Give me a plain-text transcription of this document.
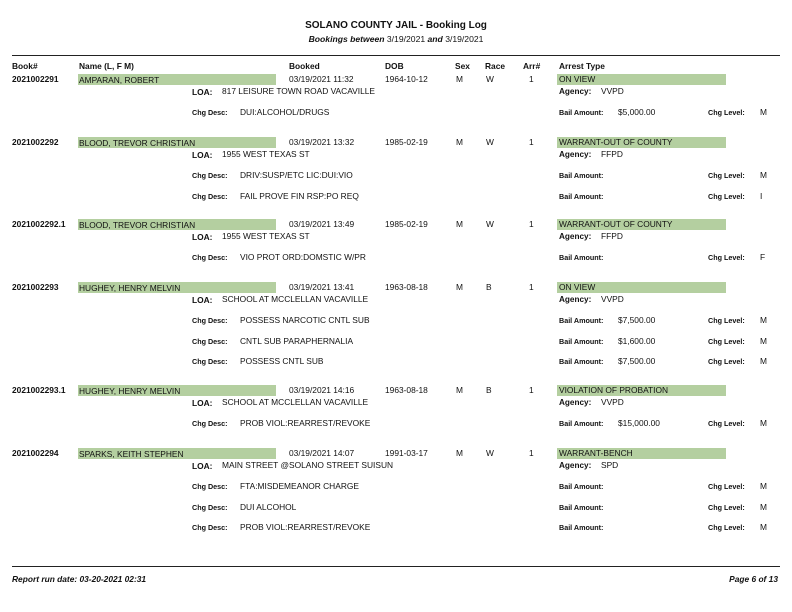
SOLANO COUNTY JAIL - Booking Log
Bookings between 3/19/2021 and 3/19/2021
Book#	Name (L, F M)	Booked	DOB	Sex Race Arr# Arrest Type
2021002291 AMPARAN, ROBERT	03/19/2021 11:32	1964-10-12	M	W	1	ON VIEW
LOA: 817 LEISURE TOWN ROAD VACAVILLE	Agency: VVPD
Chg Desc: DUI:ALCOHOL/DRUGS	Bail Amount: $5,000.00	Chg Level: M
2021002292 BLOOD, TREVOR CHRISTIAN	03/19/2021 13:32	1985-02-19	M	W	1	WARRANT-OUT OF COUNTY
LOA: 1955 WEST TEXAS ST	Agency: FFPD
Chg Desc: DRIV:SUSP/ETC LIC:DUI:VIO	Bail Amount:	Chg Level: M
Chg Desc: FAIL PROVE FIN RSP:PO REQ	Bail Amount:	Chg Level: I
2021002292.1 BLOOD, TREVOR CHRISTIAN	03/19/2021 13:49	1985-02-19	M	W	1	WARRANT-OUT OF COUNTY
LOA: 1955 WEST TEXAS ST	Agency: FFPD
Chg Desc: VIO PROT ORD:DOMSTIC W/PR	Bail Amount:	Chg Level: F
2021002293 HUGHEY, HENRY MELVIN	03/19/2021 13:41	1963-08-18	M	B	1	ON VIEW
LOA: SCHOOL AT MCCLELLAN VACAVILLE	Agency: VVPD
Chg Desc: POSSESS NARCOTIC CNTL SUB	Bail Amount: $7,500.00	Chg Level: M
Chg Desc: CNTL SUB PARAPHERNALIA	Bail Amount: $1,600.00	Chg Level: M
Chg Desc: POSSESS CNTL SUB	Bail Amount: $7,500.00	Chg Level: M
2021002293.1 HUGHEY, HENRY MELVIN	03/19/2021 14:16	1963-08-18	M	B	1	VIOLATION OF PROBATION
LOA: SCHOOL AT MCCLELLAN VACAVILLE	Agency: VVPD
Chg Desc: PROB VIOL:REARREST/REVOKE	Bail Amount: $15,000.00	Chg Level: M
2021002294 SPARKS, KEITH STEPHEN	03/19/2021 14:07	1991-03-17	M	W	1	WARRANT-BENCH
LOA: MAIN STREET @SOLANO STREET SUISUN	Agency: SPD
Chg Desc: FTA:MISDEMEANOR CHARGE	Bail Amount:	Chg Level: M
Chg Desc: DUI ALCOHOL	Bail Amount:	Chg Level: M
Chg Desc: PROB VIOL:REARREST/REVOKE	Bail Amount:	Chg Level: M
Report run date: 03-20-2021 02:31	Page 6 of 13
